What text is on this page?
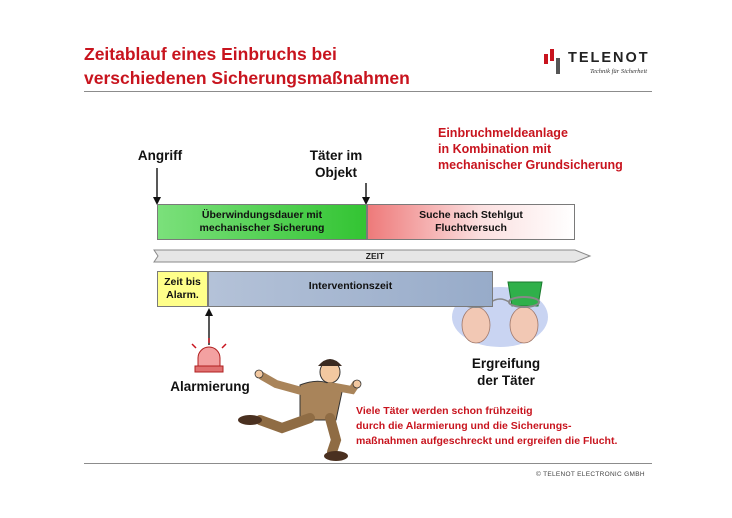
Zeitablauf eines Einbruchs bei
verschiedenen Sicherungsmaßnahmen
TELENOT
Technik für Sicherheit
Einbruchmeldeanlage
in Kombination mit
mechanischer Grundsicherung
Angriff	Täter im
Objekt
Überwindungsdauer mit
mechanischer Sicherung
Suche nach Stehlgut
Fluchtversuch
ZEIT
Zeit bis
Alarm.
Interventionszeit
Alarmierung
Ergreifung
der Täter
Viele Täter werden schon frühzeitig
durch die Alarmierung und die Sicherungs-
maßnahmen aufgeschreckt und ergreifen die Flucht.
© TELENOT ELECTRONIC GMBH
